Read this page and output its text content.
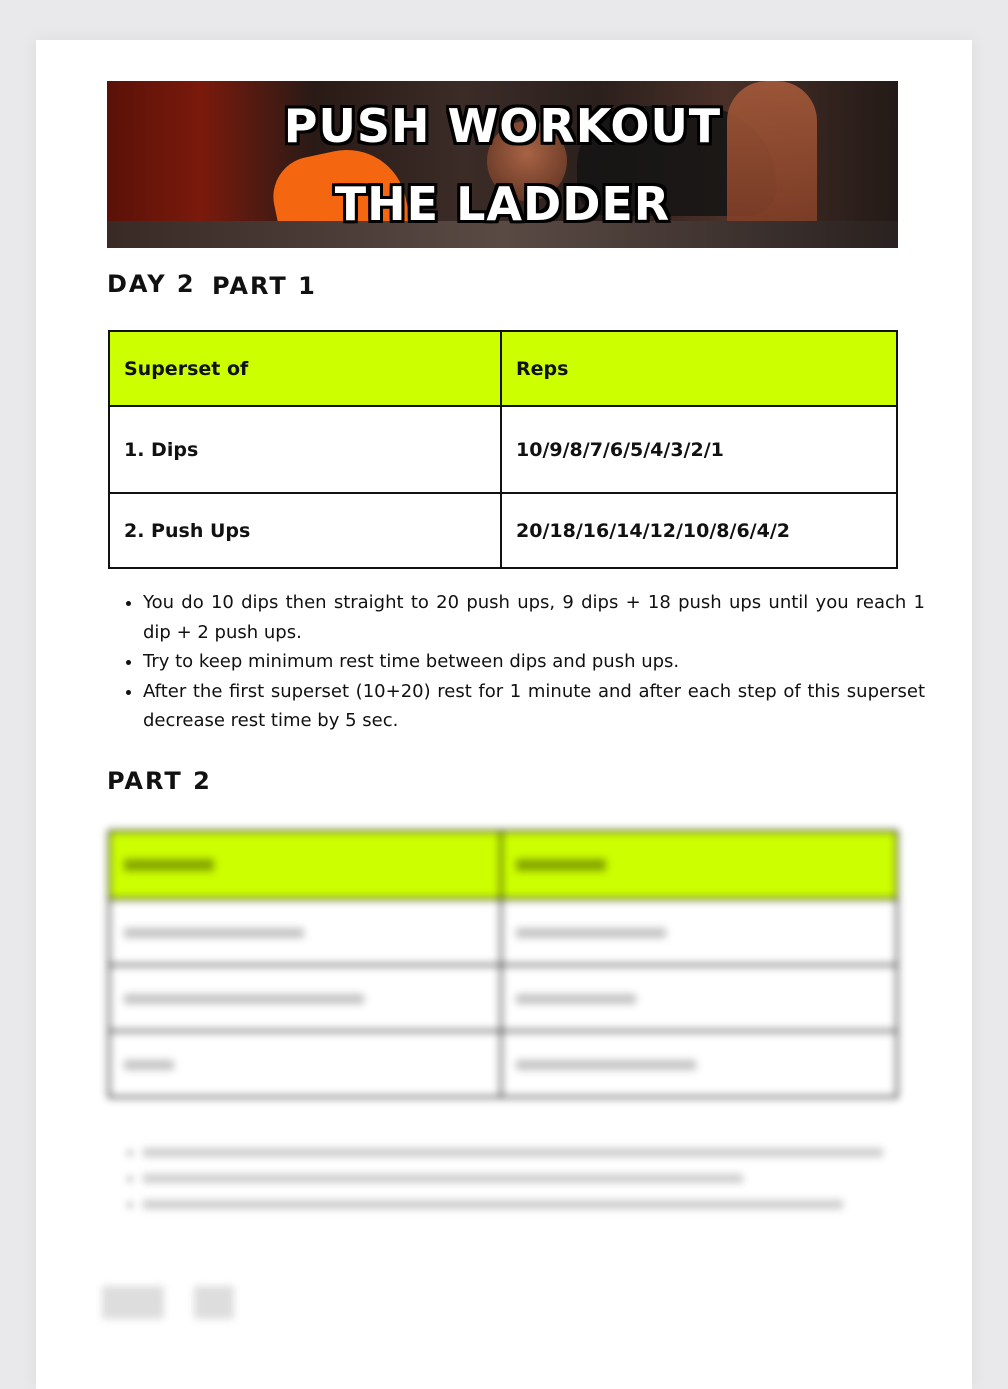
PUSH WORKOUT
THE LADDER
DAY 2 PART 1
Superset of	Reps
1. Dips	10/9/8/7/6/5/4/3/2/1
2. Push Ups	20/18/16/14/12/10/8/6/4/2
• You do 10 dips then straight to 20 push ups, 9 dips + 18 push ups until you reach 1 dip + 2 push ups.
• Try to keep minimum rest time between dips and push ups.
• After the first superset (10+20) rest for 1 minute and after each step of this superset decrease rest time by 5 sec.
PART 2

•
•
•
